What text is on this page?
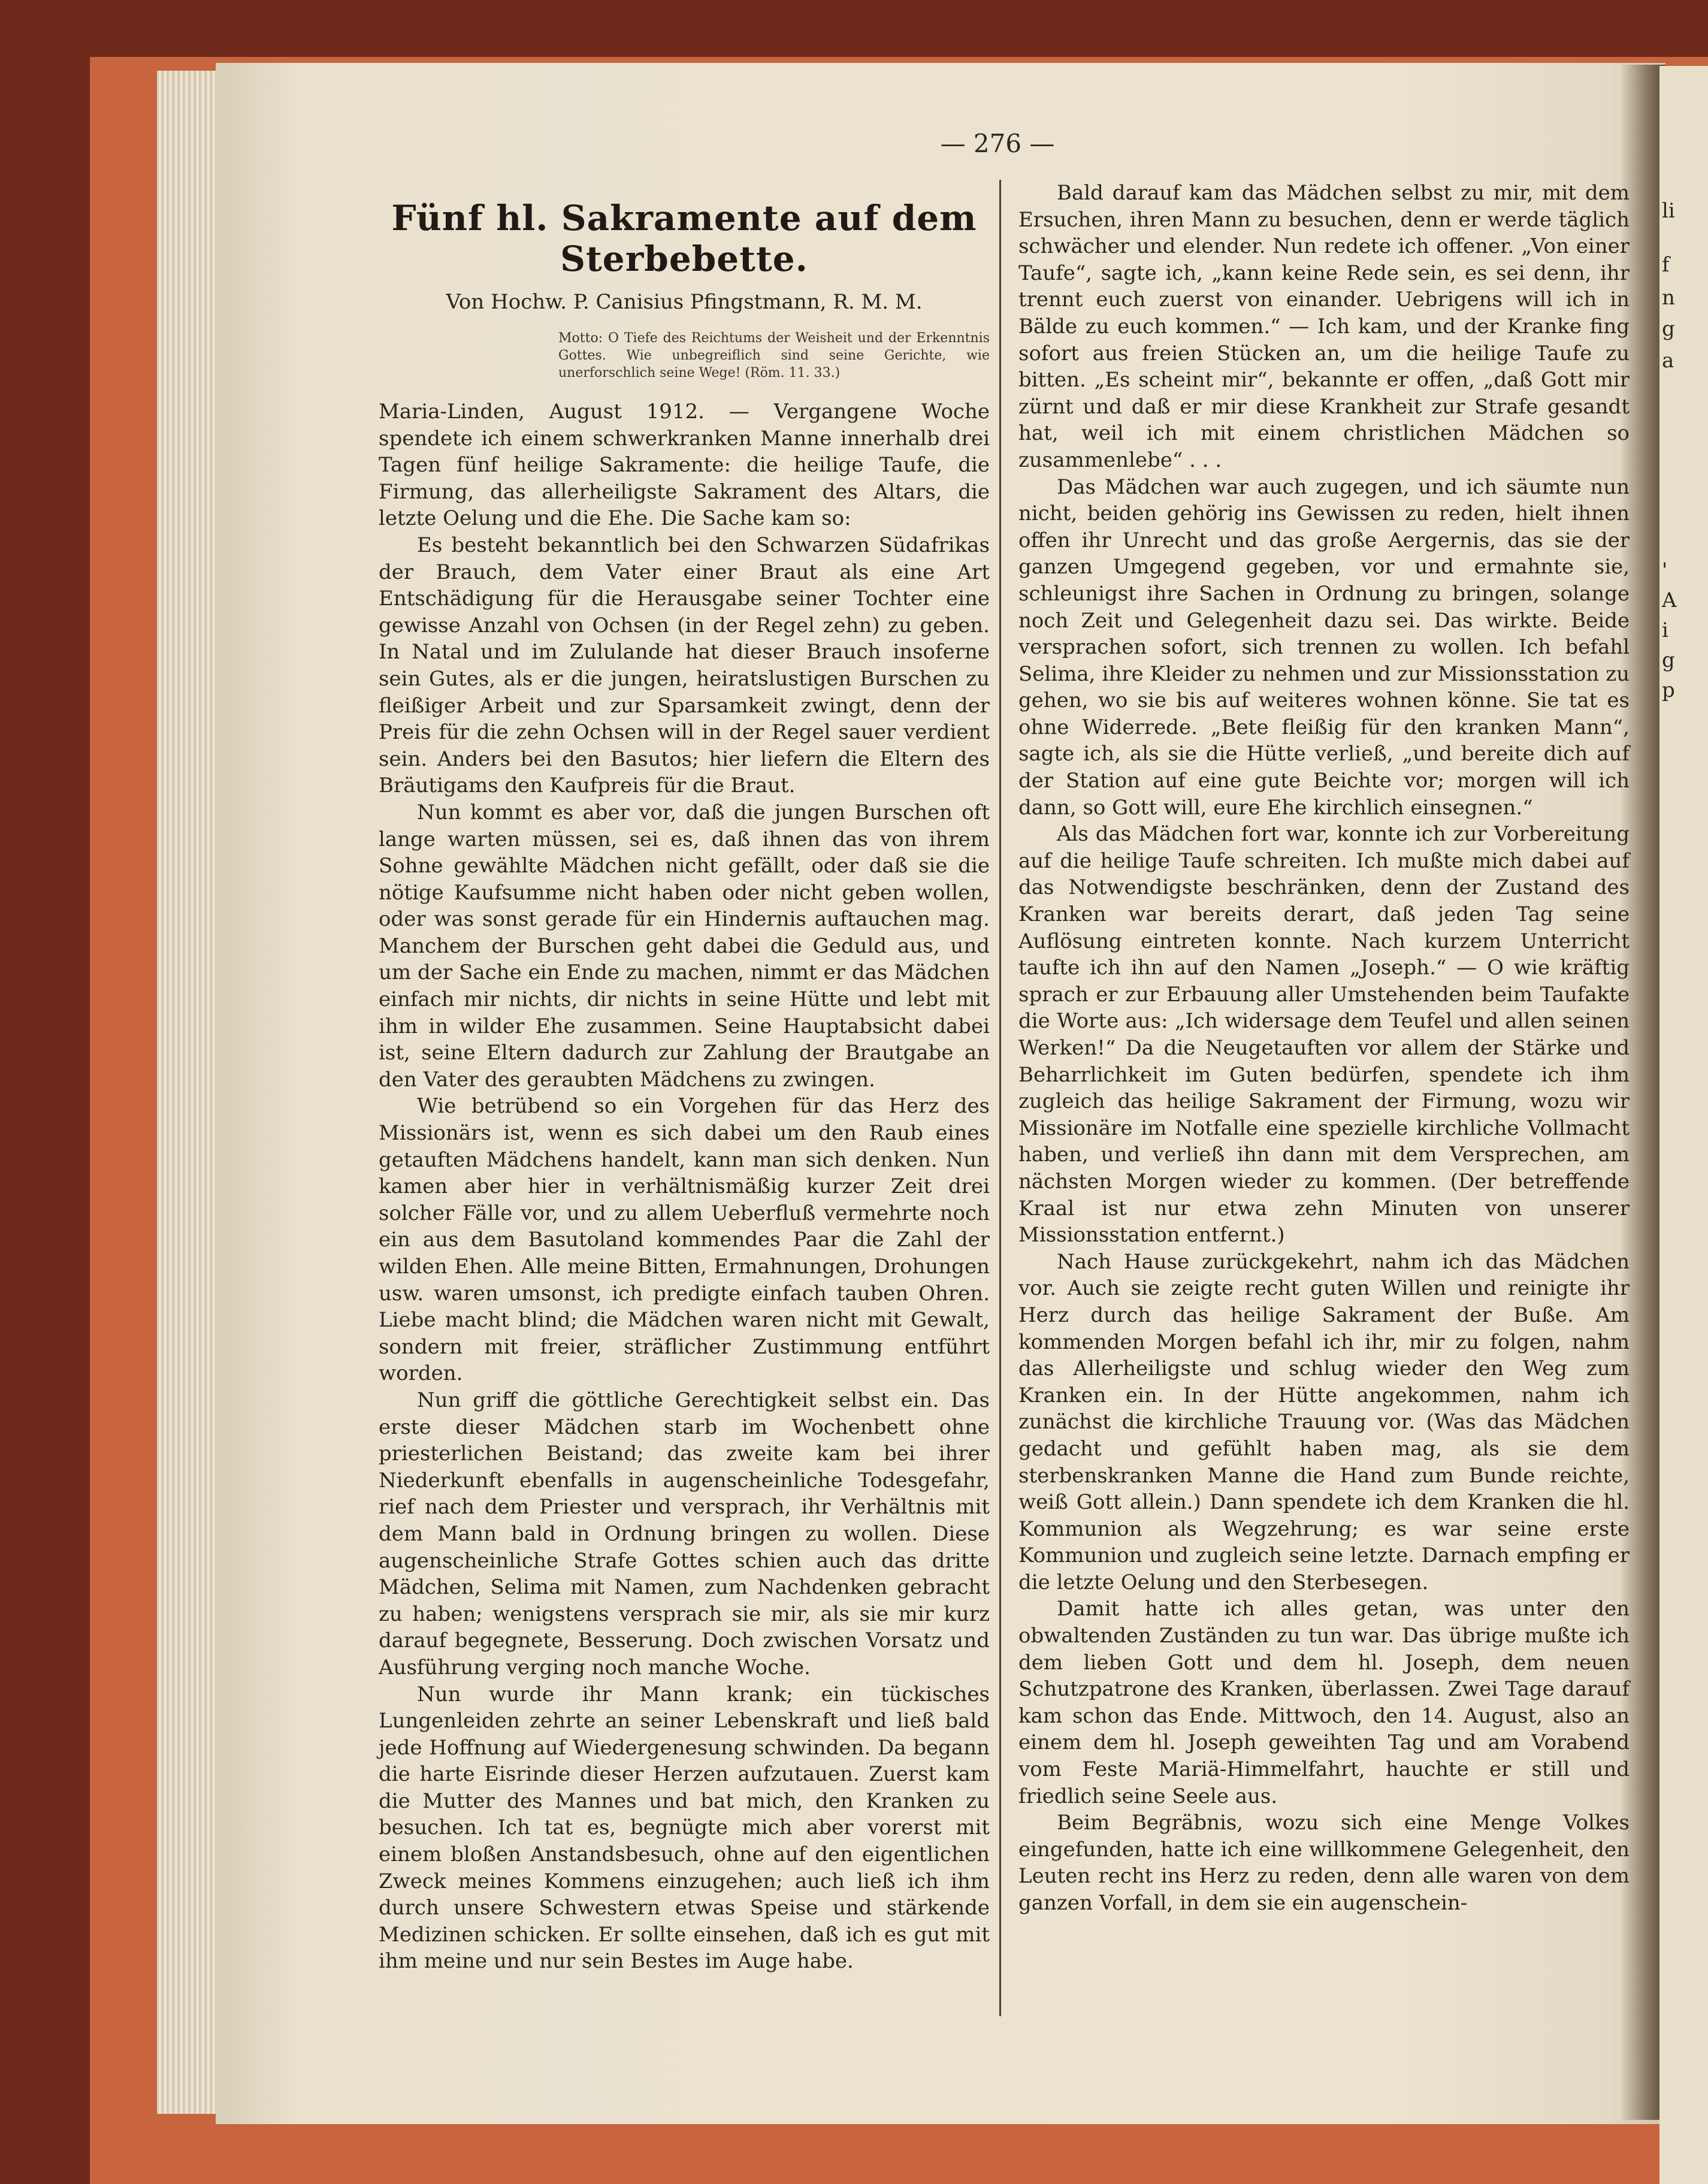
li
f
n
g
a
'
A
i
g
p
— 276 —
Fünf hl. Sakramente auf dem Sterbebette.

Von Hochw. P. Canisius Pfingstmann, R. M. M.

Motto: O Tiefe des Reichtums der Weisheit und der Erkenntnis Gottes. Wie unbegreiflich sind seine Gerichte, wie unerforschlich seine Wege! (Röm. 11. 33.)

Maria-Linden, August 1912. — Vergangene Woche spendete ich einem schwerkranken Manne innerhalb drei Tagen fünf heilige Sakramente: die heilige Taufe, die Firmung, das allerheiligste Sakrament des Altars, die letzte Oelung und die Ehe. Die Sache kam so:

Es besteht bekanntlich bei den Schwarzen Südafrikas der Brauch, dem Vater einer Braut als eine Art Entschädigung für die Herausgabe seiner Tochter eine gewisse Anzahl von Ochsen (in der Regel zehn) zu geben. In Natal und im Zululande hat dieser Brauch insoferne sein Gutes, als er die jungen, heiratslustigen Burschen zu fleißiger Arbeit und zur Sparsamkeit zwingt, denn der Preis für die zehn Ochsen will in der Regel sauer verdient sein. Anders bei den Basutos; hier liefern die Eltern des Bräutigams den Kaufpreis für die Braut.

Nun kommt es aber vor, daß die jungen Burschen oft lange warten müssen, sei es, daß ihnen das von ihrem Sohne gewählte Mädchen nicht gefällt, oder daß sie die nötige Kaufsumme nicht haben oder nicht geben wollen, oder was sonst gerade für ein Hindernis auftauchen mag. Manchem der Burschen geht dabei die Geduld aus, und um der Sache ein Ende zu machen, nimmt er das Mädchen einfach mir nichts, dir nichts in seine Hütte und lebt mit ihm in wilder Ehe zusammen. Seine Hauptabsicht dabei ist, seine Eltern dadurch zur Zahlung der Brautgabe an den Vater des geraubten Mädchens zu zwingen.

Wie betrübend so ein Vorgehen für das Herz des Missionärs ist, wenn es sich dabei um den Raub eines getauften Mädchens handelt, kann man sich denken. Nun kamen aber hier in verhältnismäßig kurzer Zeit drei solcher Fälle vor, und zu allem Ueberfluß vermehrte noch ein aus dem Basutoland kommendes Paar die Zahl der wilden Ehen. Alle meine Bitten, Ermahnungen, Drohungen usw. waren umsonst, ich predigte einfach tauben Ohren. Liebe macht blind; die Mädchen waren nicht mit Gewalt, sondern mit freier, sträflicher Zustimmung entführt worden.

Nun griff die göttliche Gerechtigkeit selbst ein. Das erste dieser Mädchen starb im Wochenbett ohne priesterlichen Beistand; das zweite kam bei ihrer Niederkunft ebenfalls in augenscheinliche Todesgefahr, rief nach dem Priester und versprach, ihr Verhältnis mit dem Mann bald in Ordnung bringen zu wollen. Diese augenscheinliche Strafe Gottes schien auch das dritte Mädchen, Selima mit Namen, zum Nachdenken gebracht zu haben; wenigstens versprach sie mir, als sie mir kurz darauf begegnete, Besserung. Doch zwischen Vorsatz und Ausführung verging noch manche Woche.

Nun wurde ihr Mann krank; ein tückisches Lungenleiden zehrte an seiner Lebenskraft und ließ bald jede Hoffnung auf Wiedergenesung schwinden. Da begann die harte Eisrinde dieser Herzen aufzutauen. Zuerst kam die Mutter des Mannes und bat mich, den Kranken zu besuchen. Ich tat es, begnügte mich aber vorerst mit einem bloßen Anstandsbesuch, ohne auf den eigentlichen Zweck meines Kommens einzugehen; auch ließ ich ihm durch unsere Schwestern etwas Speise und stärkende Medizinen schicken. Er sollte einsehen, daß ich es gut mit ihm meine und nur sein Bestes im Auge habe.

Bald darauf kam das Mädchen selbst zu mir, mit dem Ersuchen, ihren Mann zu besuchen, denn er werde täglich schwächer und elender. Nun redete ich offener. „Von einer Taufe“, sagte ich, „kann keine Rede sein, es sei denn, ihr trennt euch zuerst von einander. Uebrigens will ich in Bälde zu euch kommen.“ — Ich kam, und der Kranke fing sofort aus freien Stücken an, um die heilige Taufe zu bitten. „Es scheint mir“, bekannte er offen, „daß Gott mir zürnt und daß er mir diese Krankheit zur Strafe gesandt hat, weil ich mit einem christlichen Mädchen so zusammenlebe“ . . .

Das Mädchen war auch zugegen, und ich säumte nun nicht, beiden gehörig ins Gewissen zu reden, hielt ihnen offen ihr Unrecht und das große Aergernis, das sie der ganzen Umgegend gegeben, vor und ermahnte sie, schleunigst ihre Sachen in Ordnung zu bringen, solange noch Zeit und Gelegenheit dazu sei. Das wirkte. Beide versprachen sofort, sich trennen zu wollen. Ich befahl Selima, ihre Kleider zu nehmen und zur Missionsstation zu gehen, wo sie bis auf weiteres wohnen könne. Sie tat es ohne Widerrede. „Bete fleißig für den kranken Mann“, sagte ich, als sie die Hütte verließ, „und bereite dich auf der Station auf eine gute Beichte vor; morgen will ich dann, so Gott will, eure Ehe kirchlich einsegnen.“

Als das Mädchen fort war, konnte ich zur Vorbereitung auf die heilige Taufe schreiten. Ich mußte mich dabei auf das Notwendigste beschränken, denn der Zustand des Kranken war bereits derart, daß jeden Tag seine Auflösung eintreten konnte. Nach kurzem Unterricht taufte ich ihn auf den Namen „Joseph.“ — O wie kräftig sprach er zur Erbauung aller Umstehenden beim Taufakte die Worte aus: „Ich widersage dem Teufel und allen seinen Werken!“ Da die Neugetauften vor allem der Stärke und Beharrlichkeit im Guten bedürfen, spendete ich ihm zugleich das heilige Sakrament der Firmung, wozu wir Missionäre im Notfalle eine spezielle kirchliche Vollmacht haben, und verließ ihn dann mit dem Versprechen, am nächsten Morgen wieder zu kommen. (Der betreffende Kraal ist nur etwa zehn Minuten von unserer Missionsstation entfernt.)

Nach Hause zurückgekehrt, nahm ich das Mädchen vor. Auch sie zeigte recht guten Willen und reinigte ihr Herz durch das heilige Sakrament der Buße. Am kommenden Morgen befahl ich ihr, mir zu folgen, nahm das Allerheiligste und schlug wieder den Weg zum Kranken ein. In der Hütte angekommen, nahm ich zunächst die kirchliche Trauung vor. (Was das Mädchen gedacht und gefühlt haben mag, als sie dem sterbenskranken Manne die Hand zum Bunde reichte, weiß Gott allein.) Dann spendete ich dem Kranken die hl. Kommunion als Wegzehrung; es war seine erste Kommunion und zugleich seine letzte. Darnach empfing er die letzte Oelung und den Sterbesegen.

Damit hatte ich alles getan, was unter den obwaltenden Zuständen zu tun war. Das übrige mußte ich dem lieben Gott und dem hl. Joseph, dem neuen Schutzpatrone des Kranken, überlassen. Zwei Tage darauf kam schon das Ende. Mittwoch, den 14. August, also an einem dem hl. Joseph geweihten Tag und am Vorabend vom Feste Mariä-Himmelfahrt, hauchte er still und friedlich seine Seele aus.

Beim Begräbnis, wozu sich eine Menge Volkes eingefunden, hatte ich eine willkommene Gelegenheit, den Leuten recht ins Herz zu reden, denn alle waren von dem ganzen Vorfall, in dem sie ein augenschein-
